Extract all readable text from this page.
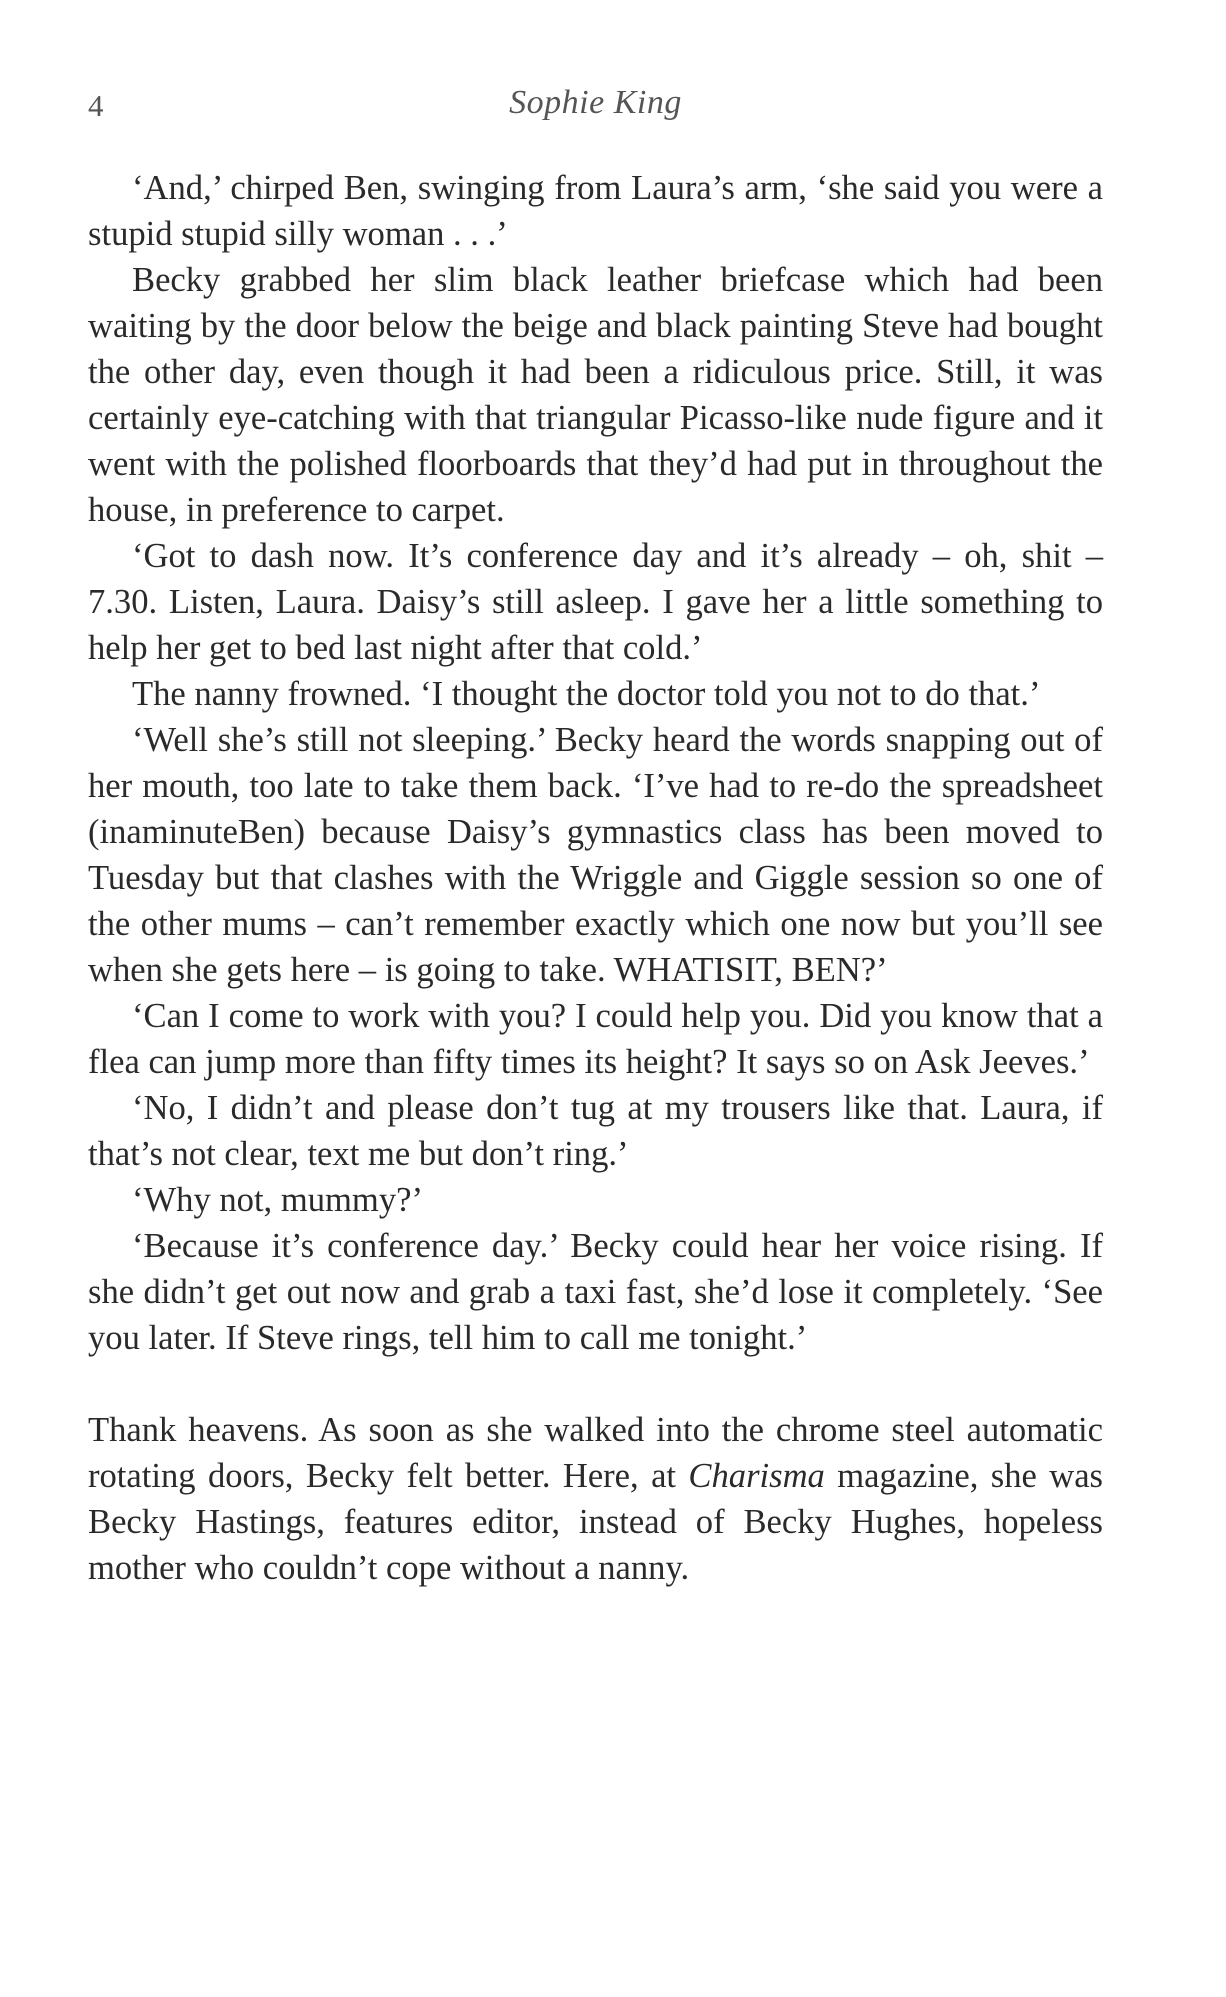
4	Sophie King

‘And,’ chirped Ben, swinging from Laura’s arm, ‘she said you were a stupid stupid silly woman . . .’

Becky grabbed her slim black leather briefcase which had been waiting by the door below the beige and black painting Steve had bought the other day, even though it had been a ridiculous price. Still, it was certainly eye-catching with that triangular Picasso-like nude figure and it went with the polished floorboards that they’d had put in throughout the house, in preference to carpet.

‘Got to dash now. It’s conference day and it’s already – oh, shit – 7.30. Listen, Laura. Daisy’s still asleep. I gave her a little something to help her get to bed last night after that cold.’

The nanny frowned. ‘I thought the doctor told you not to do that.’

‘Well she’s still not sleeping.’ Becky heard the words snapping out of her mouth, too late to take them back. ‘I’ve had to re-do the spreadsheet (inaminuteBen) because Daisy’s gymnastics class has been moved to Tuesday but that clashes with the Wriggle and Giggle session so one of the other mums – can’t remember exactly which one now but you’ll see when she gets here – is going to take. WHATISIT, BEN?’

‘Can I come to work with you? I could help you. Did you know that a flea can jump more than fifty times its height? It says so on Ask Jeeves.’

‘No, I didn’t and please don’t tug at my trousers like that. Laura, if that’s not clear, text me but don’t ring.’

‘Why not, mummy?’

‘Because it’s conference day.’ Becky could hear her voice rising. If she didn’t get out now and grab a taxi fast, she’d lose it completely. ‘See you later. If Steve rings, tell him to call me tonight.’

Thank heavens. As soon as she walked into the chrome steel automatic rotating doors, Becky felt better. Here, at Charisma magazine, she was Becky Hastings, features editor, instead of Becky Hughes, hopeless mother who couldn’t cope without a nanny.
